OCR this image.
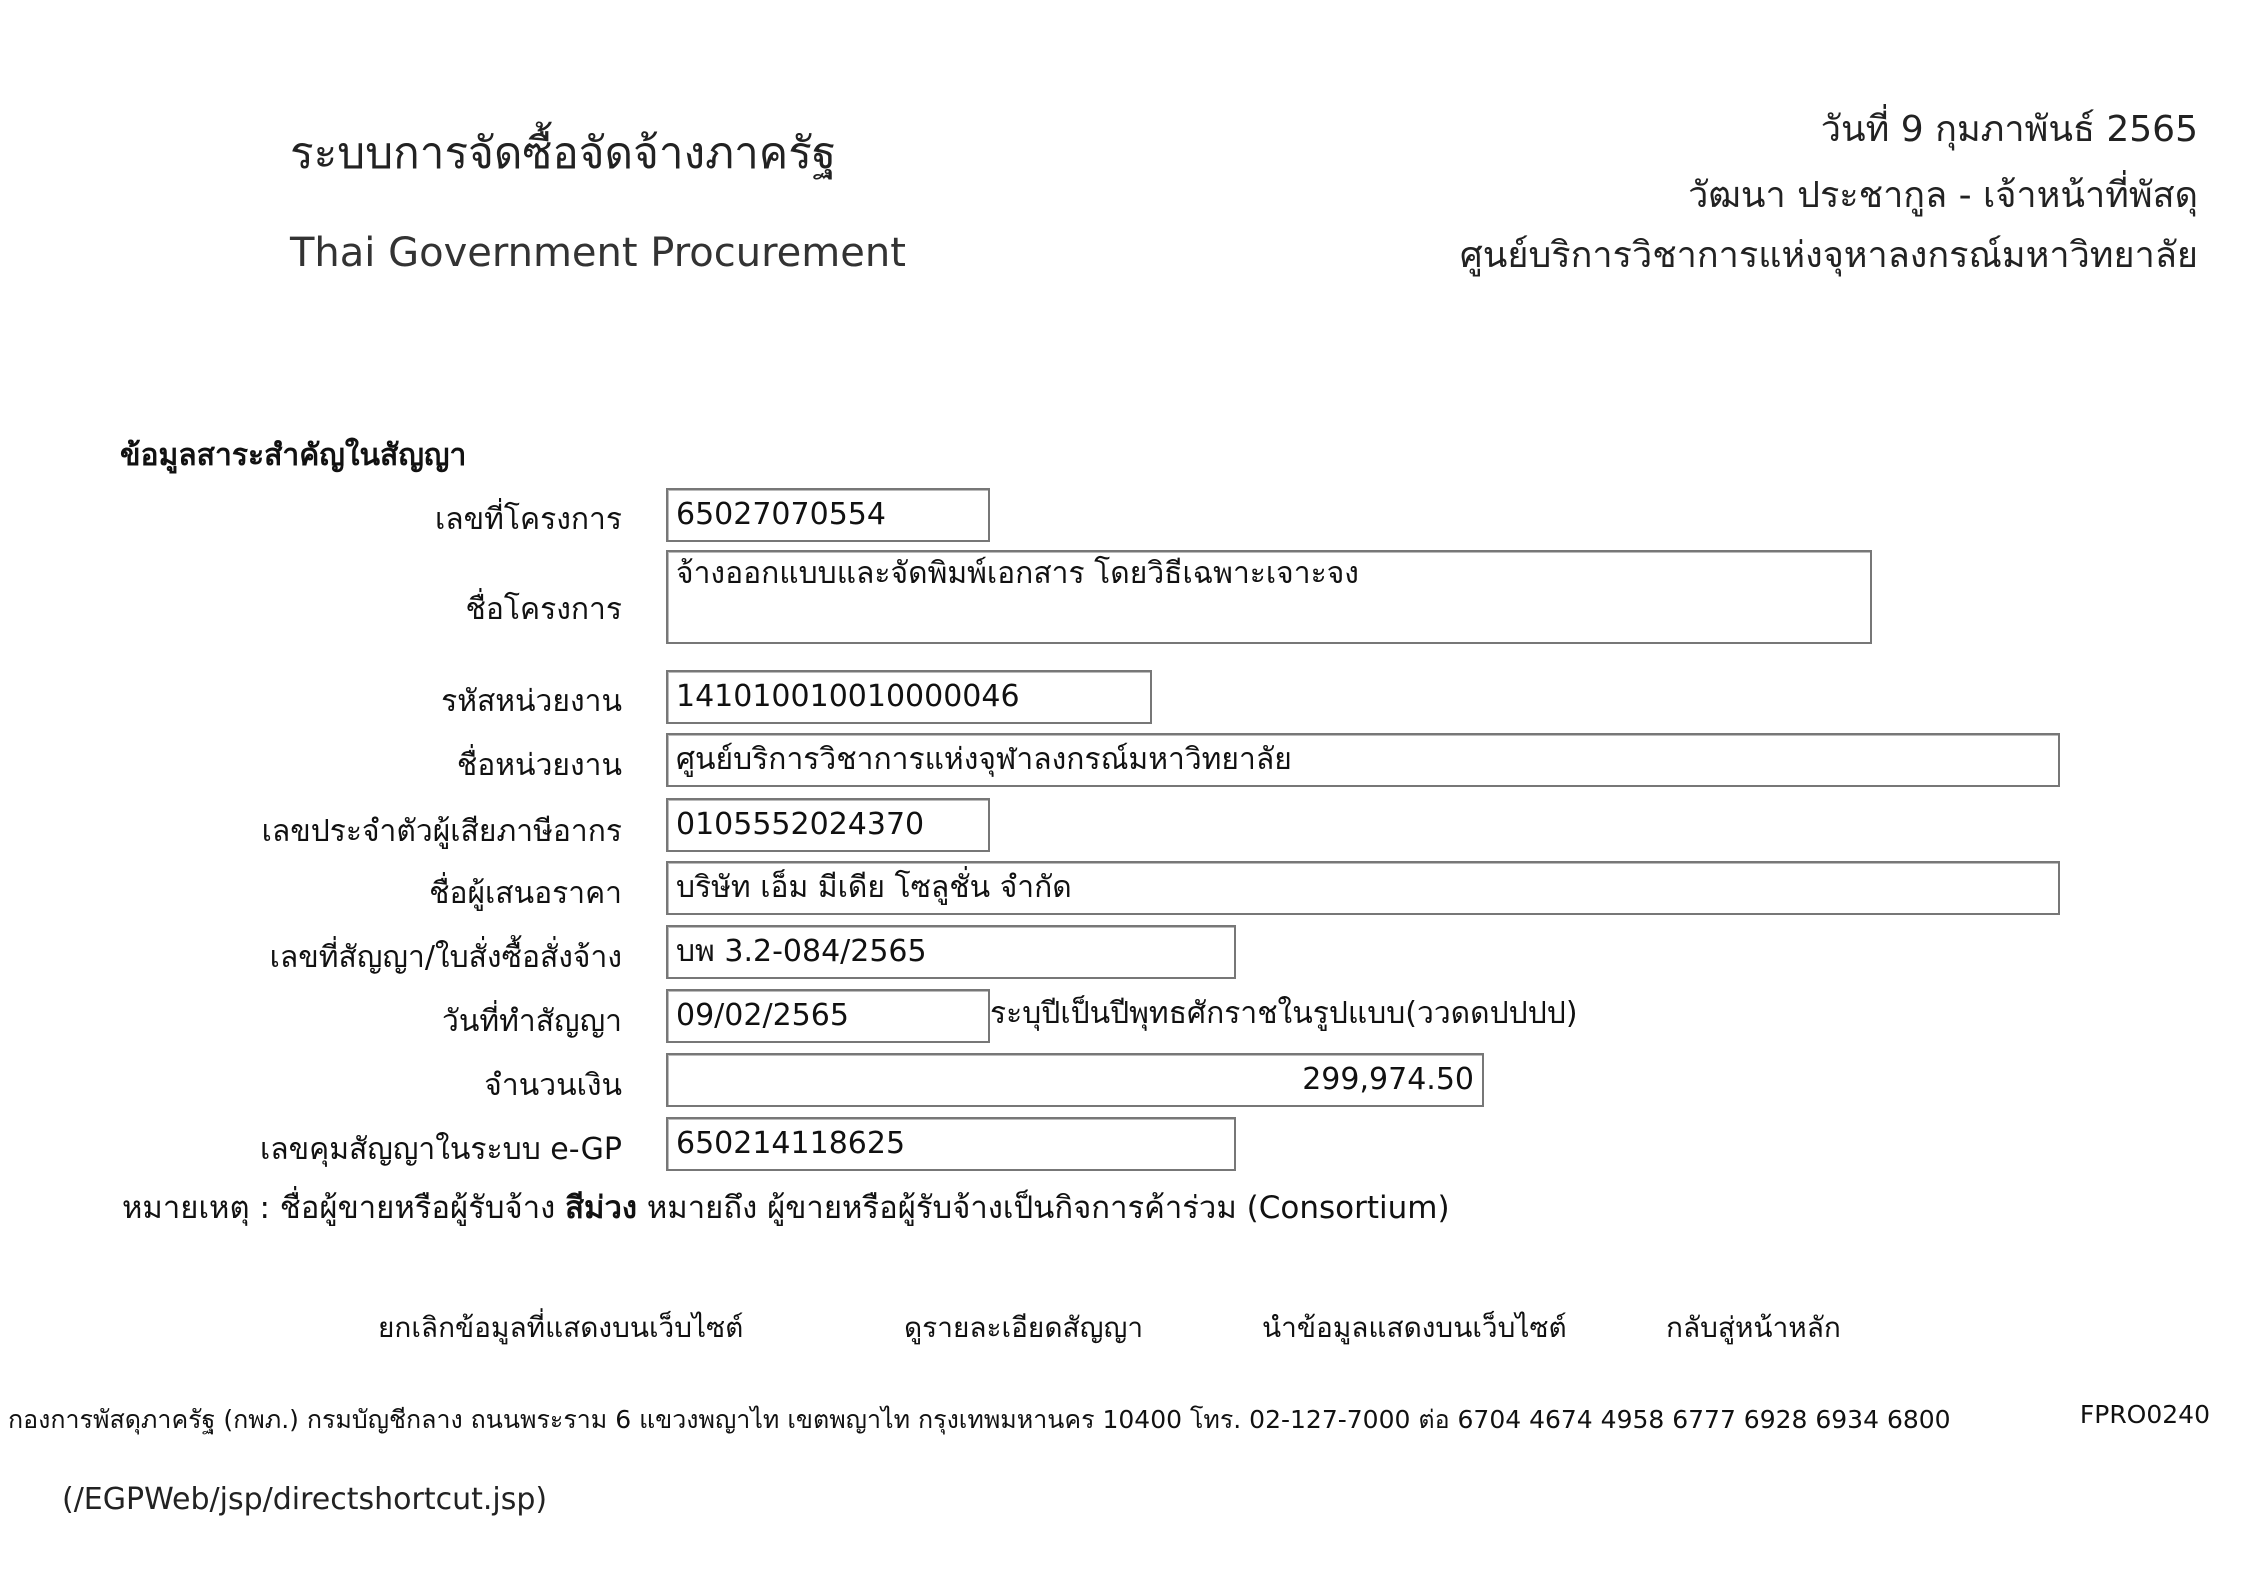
ระบบการจัดซื้อจัดจ้างภาครัฐ
Thai Government Procurement
วันที่ 9 กุมภาพันธ์ 2565
วัฒนา ประชากูล - เจ้าหน้าที่พัสดุ
ศูนย์บริการวิชาการแห่งจุหาลงกรณ์มหาวิทยาลัย
ข้อมูลสาระสำคัญในสัญญา
เลขที่โครงการ	65027070554
ชื่อโครงการ
จ้างออกแบบและจัดพิมพ์เอกสาร โดยวิธีเฉพาะเจาะจง
รหัสหน่วยงาน	141010010010000046
ชื่อหน่วยงาน	ศูนย์บริการวิชาการแห่งจุฬาลงกรณ์มหาวิทยาลัย
เลขประจำตัวผู้เสียภาษีอากร	0105552024370
ชื่อผู้เสนอราคา	บริษัท เอ็ม มีเดีย โซลูชั่น จำกัด
เลขที่สัญญา/ใบสั่งซื้อสั่งจ้าง	บพ 3.2-084/2565
วันที่ทำสัญญา	09/02/2565	ระบุปีเป็นปีพุทธศักราชในรูปแบบ(ววดดปปปป)
จำนวนเงิน	299,974.50
เลขคุมสัญญาในระบบ e-GP	650214118625
หมายเหตุ : ชื่อผู้ขายหรือผู้รับจ้าง สีม่วง หมายถึง ผู้ขายหรือผู้รับจ้างเป็นกิจการค้าร่วม (Consortium)
ยกเลิกข้อมูลที่แสดงบนเว็บไซต์	ดูรายละเอียดสัญญา	นำข้อมูลแสดงบนเว็บไซต์	กลับสู่หน้าหลัก
กองการพัสดุภาครัฐ (กพภ.) กรมบัญชีกลาง ถนนพระราม 6 แขวงพญาไท เขตพญาไท กรุงเทพมหานคร 10400 โทร. 02-127-7000 ต่อ 6704 4674 4958 6777 6928 6934 6800	FPRO0240
(/EGPWeb/jsp/directshortcut.jsp)
